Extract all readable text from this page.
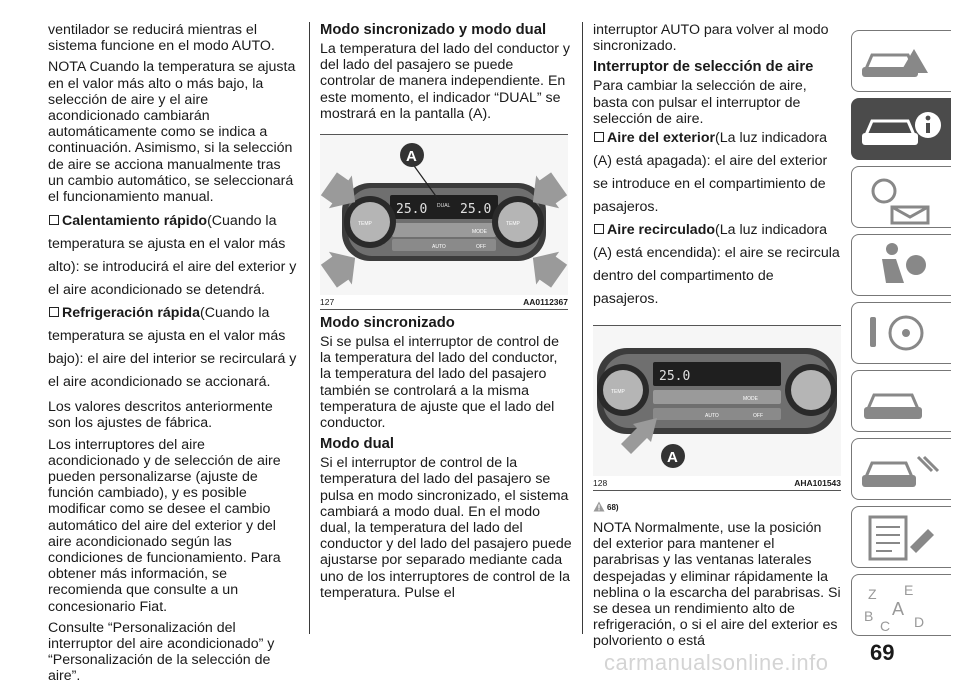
ventilador se reducirá mientras el sistema funcione en el modo AUTO.

NOTA Cuando la temperatura se ajusta en el valor más alto o más bajo, la selección de aire y el aire acondicionado cambiarán automáticamente como se indica a continuación. Asimismo, si la selección de aire se acciona manualmente tras un cambio automático, se seleccionará el funcionamiento manual.

Calentamiento rápido(Cuando la temperatura se ajusta en el valor más alto): se introducirá el aire del exterior y el aire acondicionado se detendrá.
Refrigeración rápida(Cuando la temperatura se ajusta en el valor más bajo): el aire del interior se recirculará y el aire acondicionado se accionará.

Los valores descritos anteriormente son los ajustes de fábrica.

Los interruptores del aire acondicionado y de selección de aire pueden personalizarse (ajuste de función cambiado), y es posible modificar como se desee el cambio automático del aire del exterior y del aire acondicionado según las condiciones de funcionamiento. Para obtener más información, se recomienda que consulte a un concesionario Fiat.

Consulte “Personalización del interruptor del aire acondicionado” y “Personalización de la selección de aire”.

Modo sincronizado y modo dual

La temperatura del lado del conductor y del lado del pasajero se puede controlar de manera independiente. En este momento, el indicador “DUAL” se mostrará en la pantalla (A).

25.0	25.0
DUAL
MODE
AUTO	OFF
TEMP	TEMP
A
127	AA0112367
Modo sincronizado

Si se pulsa el interruptor de control de la temperatura del lado del conductor, la temperatura del lado del pasajero también se controlará a la misma temperatura de ajuste que el lado del conductor.

Modo dual

Si el interruptor de control de la temperatura del lado del pasajero se pulsa en modo sincronizado, el sistema cambiará a modo dual. En el modo dual, la temperatura del lado del conductor y del lado del pasajero puede ajustarse por separado mediante cada uno de los interruptores de control de la temperatura. Pulse el

interruptor AUTO para volver al modo sincronizado.

Interruptor de selección de aire

Para cambiar la selección de aire, basta con pulsar el interruptor de selección de aire.

Aire del exterior(La luz indicadora (A) está apagada): el aire del exterior se introduce en el compartimiento de pasajeros.
Aire recirculado(La luz indicadora (A) está encendida): el aire se recircula dentro del compartimento de pasajeros.
25.0
MODE
AUTO	OFF
TEMP
A
128	AHA101543
68)

NOTA Normalmente, use la posición del exterior para mantener el parabrisas y las ventanas laterales despejadas y eliminar rápidamente la neblina o la escarcha del parabrisas. Si se desea un rendimiento alto de refrigeración, o si el aire del exterior es polvoriento o está

Z E
B A
C D
69
carmanualsonline.info
